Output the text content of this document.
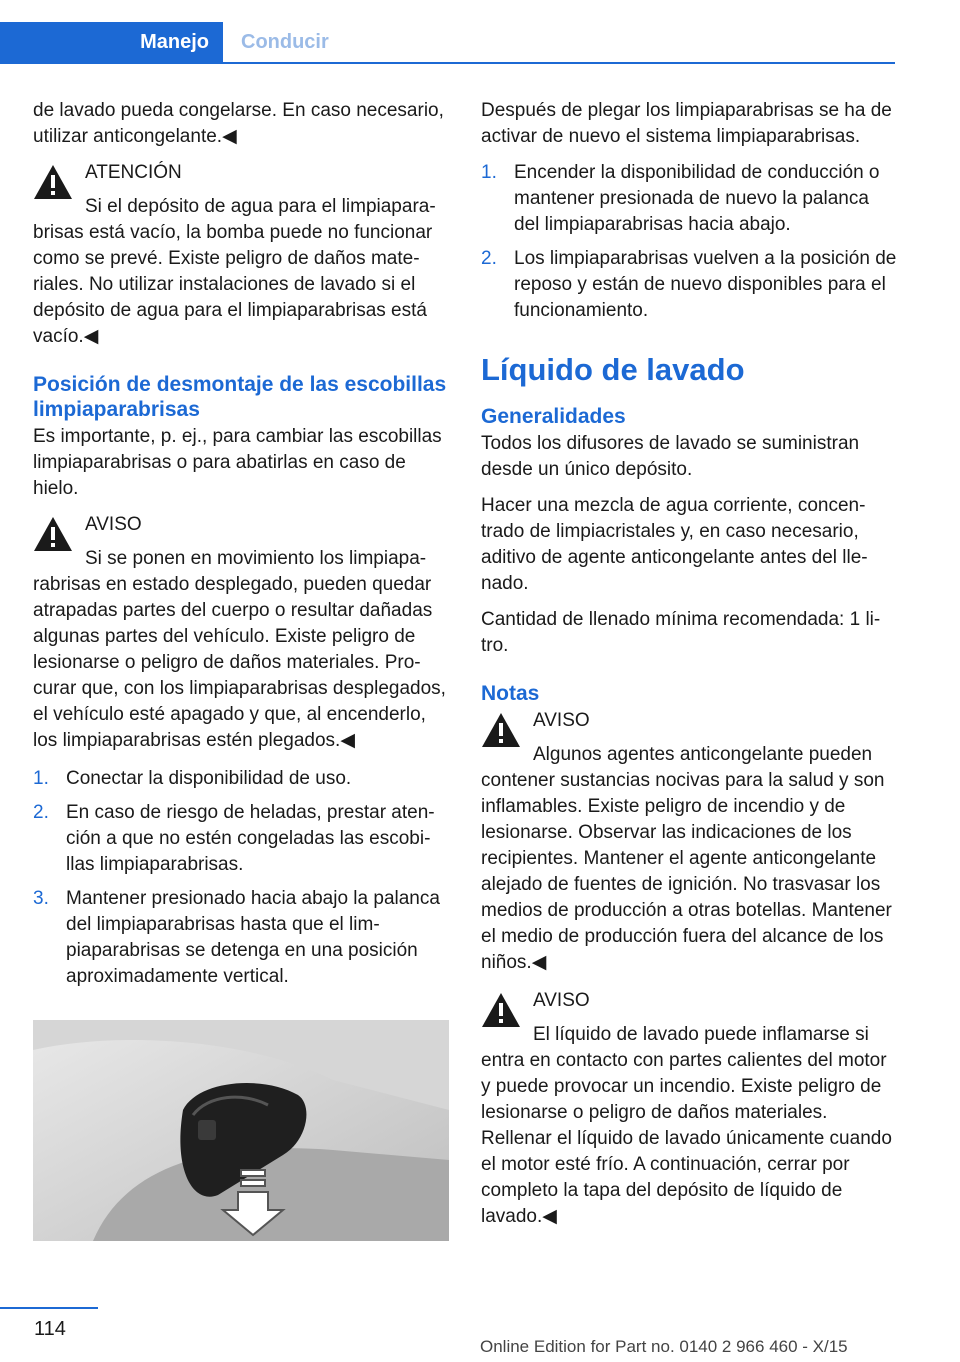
Manejo	Conducir

de lavado pueda congelarse. En caso necesario, utilizar anticongelante.◀

ATENCIÓN

Si el depósito de agua para el limpiaparabrisas está vacío, la bomba puede no funcionar como se prevé. Existe peligro de daños materiales. No utilizar instalaciones de lavado si el depósito de agua para el limpiaparabrisas está vacío.◀

Posición de desmontaje de las escobillas limpiaparabrisas

Es importante, p. ej., para cambiar las escobillas limpiaparabrisas o para abatirlas en caso de hielo.

AVISO

Si se ponen en movimiento los limpiaparabrisas en estado desplegado, pueden quedar atrapadas partes del cuerpo o resultar dañadas algunas partes del vehículo. Existe peligro de lesionarse o peligro de daños materiales. Procurar que, con los limpiaparabrisas desplegados, el vehículo esté apagado y que, al encenderlo, los limpiaparabrisas estén plegados.◀

1. Conectar la disponibilidad de uso.
2. En caso de riesgo de heladas, prestar atención a que no estén congeladas las escobillas limpiaparabrisas.
3. Mantener presionado hacia abajo la palanca del limpiaparabrisas hasta que el limpiaparabrisas se detenga en una posición aproximadamente vertical.

Después de plegar los limpiaparabrisas se ha de activar de nuevo el sistema limpiaparabrisas.

1. Encender la disponibilidad de conducción o mantener presionada de nuevo la palanca del limpiaparabrisas hacia abajo.
2. Los limpiaparabrisas vuelven a la posición de reposo y están de nuevo disponibles para el funcionamiento.
Líquido de lavado
Generalidades

Todos los difusores de lavado se suministran desde un único depósito.

Hacer una mezcla de agua corriente, concentrado de limpiacristales y, en caso necesario, aditivo de agente anticongelante antes del llenado.

Cantidad de llenado mínima recomendada: 1 litro.

Notas
AVISO

Algunos agentes anticongelante pueden contener sustancias nocivas para la salud y son inflamables. Existe peligro de incendio y de lesionarse. Observar las indicaciones de los recipientes. Mantener el agente anticongelante alejado de fuentes de ignición. No trasvasar los medios de producción a otras botellas. Mantener el medio de producción fuera del alcance de los niños.◀

AVISO

El líquido de lavado puede inflamarse si entra en contacto con partes calientes del motor y puede provocar un incendio. Existe peligro de lesionarse o peligro de daños materiales. Rellenar el líquido de lavado únicamente cuando el motor esté frío. A continuación, cerrar por completo la tapa del depósito de líquido de lavado.◀

114
Online Edition for Part no. 0140 2 966 460 - X/15
